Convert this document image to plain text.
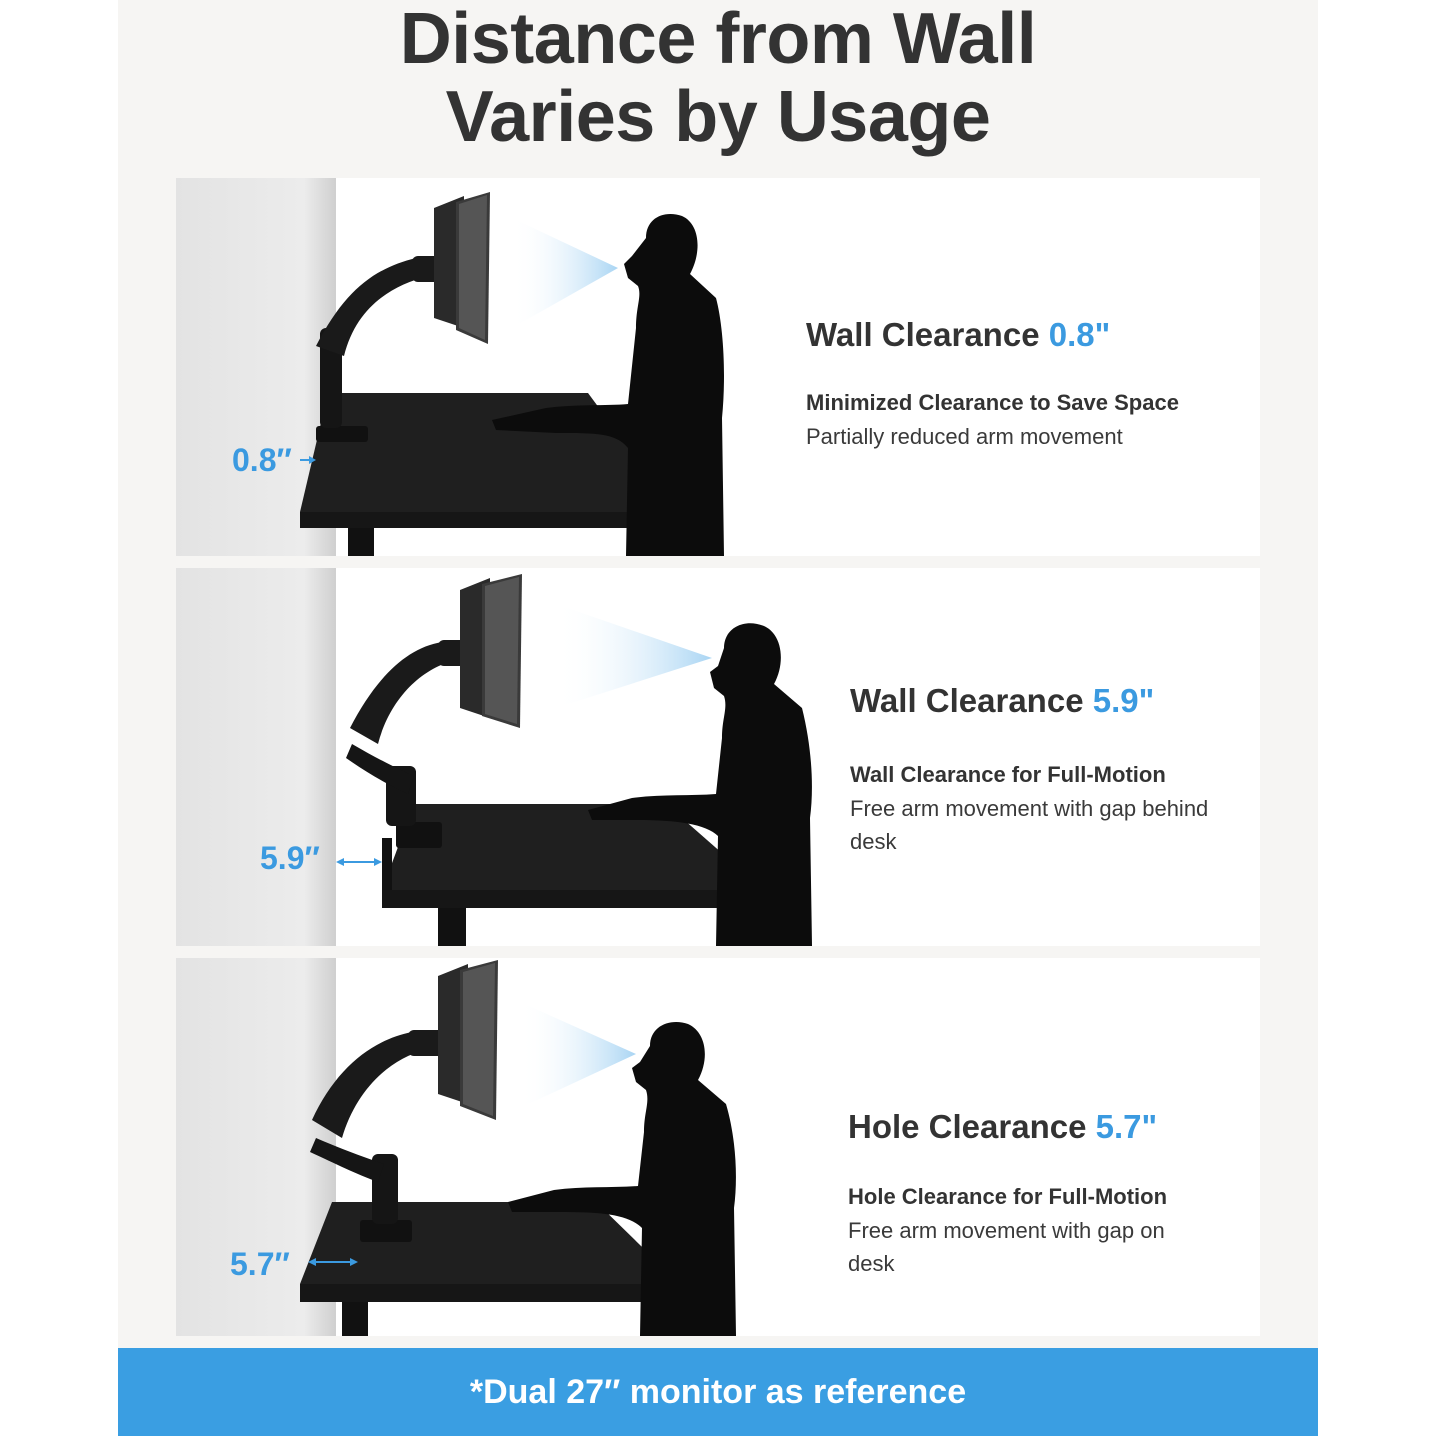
Distance from Wall
Varies by Usage
0.8″
Wall Clearance 0.8"
Minimized Clearance to Save Space
Partially reduced arm movement
5.9″
Wall Clearance 5.9"
Wall Clearance for Full-Motion
Free arm movement with gap behind desk
5.7″
Hole Clearance 5.7"
Hole Clearance for Full-Motion
Free arm movement with gap on desk
*Dual 27″ monitor as reference
